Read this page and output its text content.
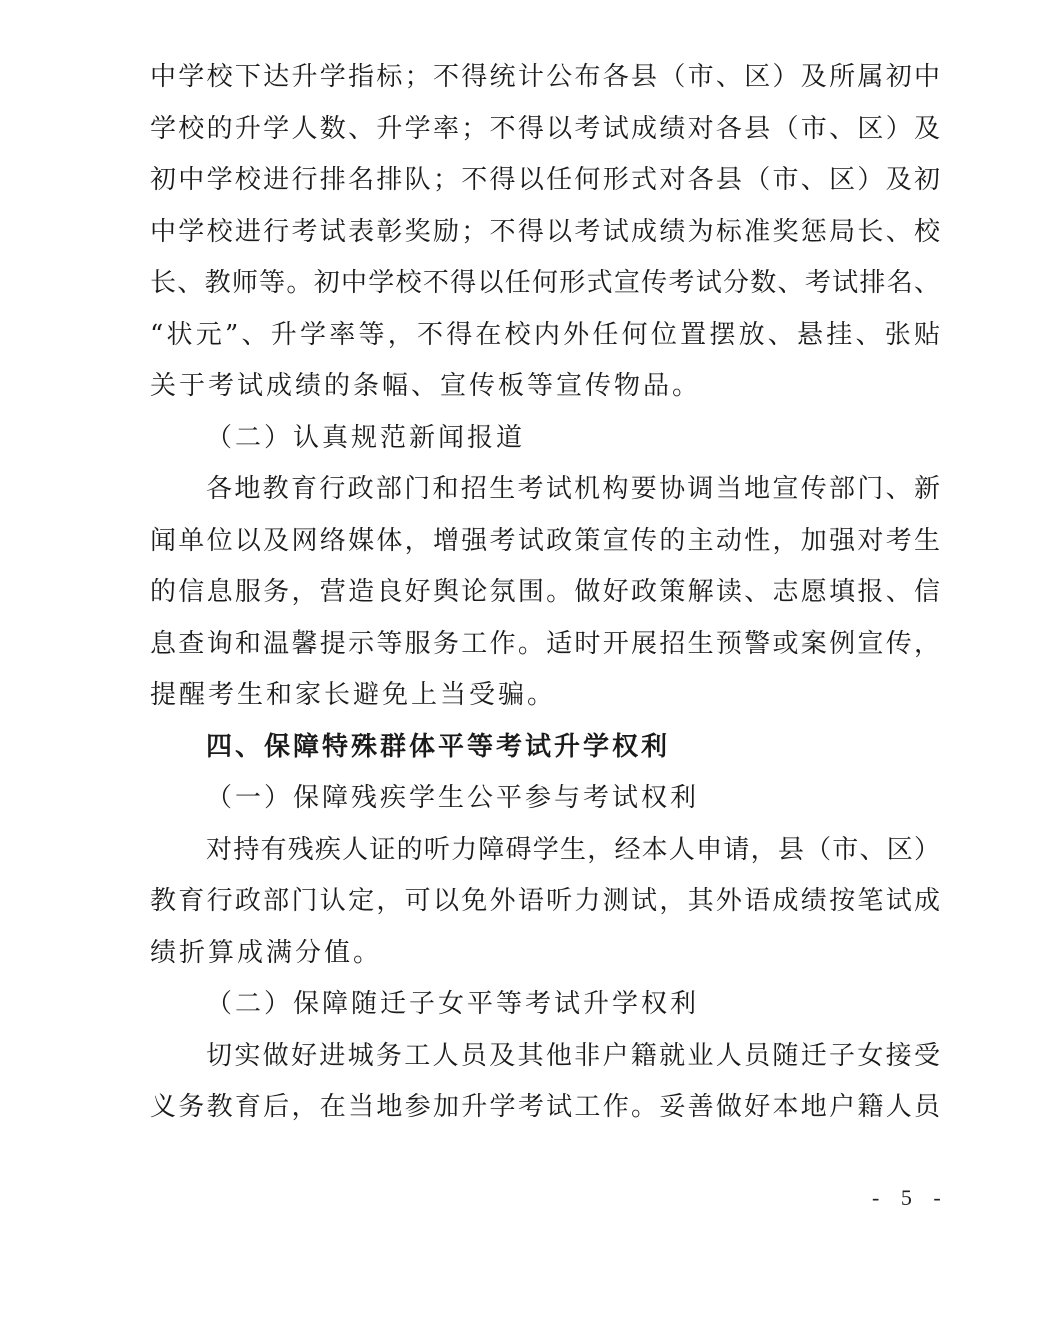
中学校下达升学指标；不得统计公布各县（市、区）及所属初中
学校的升学人数、升学率；不得以考试成绩对各县（市、区）及
初中学校进行排名排队；不得以任何形式对各县（市、区）及初
中学校进行考试表彰奖励；不得以考试成绩为标准奖惩局长、校
长、教师等。初中学校不得以任何形式宣传考试分数、考试排名、
“状元”、升学率等，不得在校内外任何位置摆放、悬挂、张贴
关于考试成绩的条幅、宣传板等宣传物品。
（二）认真规范新闻报道
各地教育行政部门和招生考试机构要协调当地宣传部门、新
闻单位以及网络媒体，增强考试政策宣传的主动性，加强对考生
的信息服务，营造良好舆论氛围。做好政策解读、志愿填报、信
息查询和温馨提示等服务工作。适时开展招生预警或案例宣传，
提醒考生和家长避免上当受骗。
四、保障特殊群体平等考试升学权利
（一）保障残疾学生公平参与考试权利
对持有残疾人证的听力障碍学生，经本人申请，县（市、区）
教育行政部门认定，可以免外语听力测试，其外语成绩按笔试成
绩折算成满分值。
（二）保障随迁子女平等考试升学权利
切实做好进城务工人员及其他非户籍就业人员随迁子女接受
义务教育后，在当地参加升学考试工作。妥善做好本地户籍人员
- 5 -
